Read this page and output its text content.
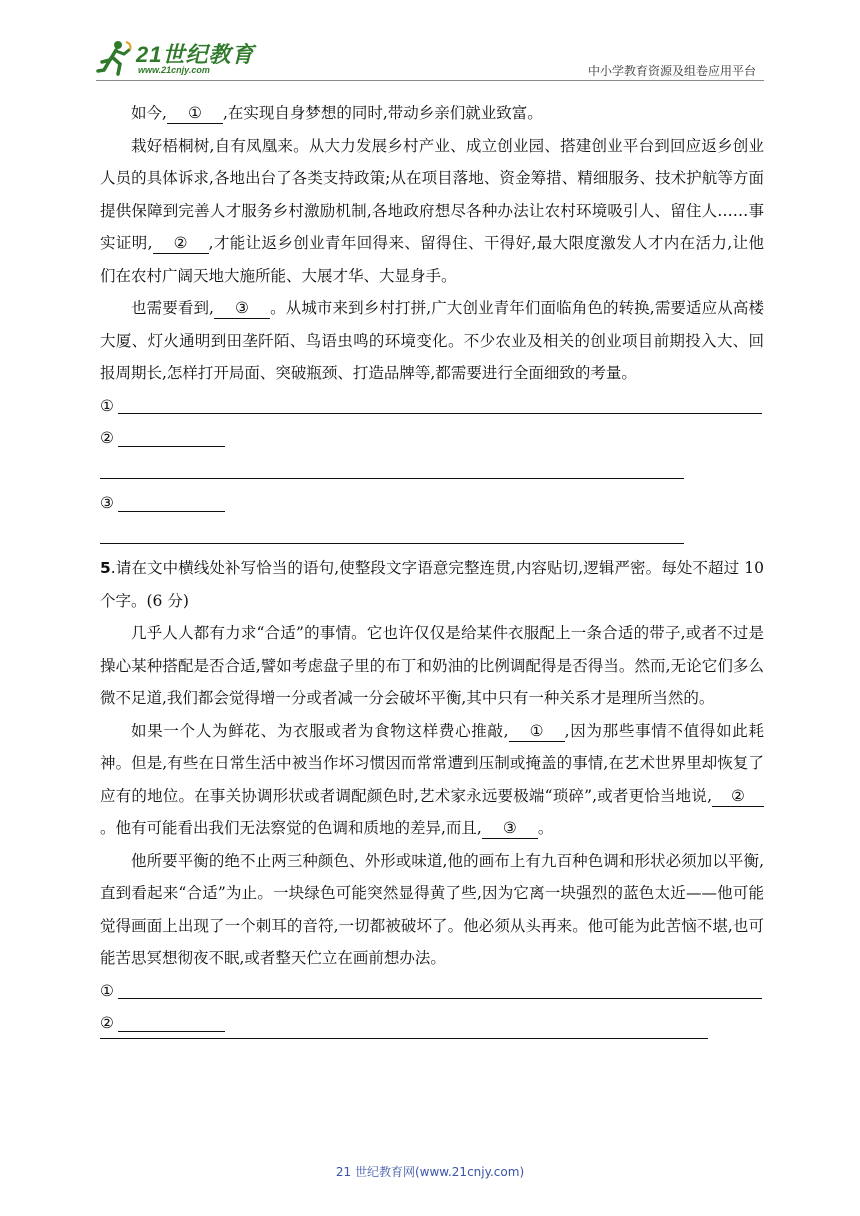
21世纪教育
www.21cnjy.com	中小学教育资源及组卷应用平台

如今, ① ,在实现自身梦想的同时,带动乡亲们就业致富。

栽好梧桐树,自有凤凰来。从大力发展乡村产业、成立创业园、搭建创业平台到回应返乡创业人员的具体诉求,各地出台了各类支持政策;从在项目落地、资金筹措、精细服务、技术护航等方面提供保障到完善人才服务乡村激励机制,各地政府想尽各种办法让农村环境吸引人、留住人……事实证明, ② ,才能让返乡创业青年回得来、留得住、干得好,最大限度激发人才内在活力,让他们在农村广阔天地大施所能、大展才华、大显身手。

也需要看到, ③ 。从城市来到乡村打拼,广大创业青年们面临角色的转换,需要适应从高楼大厦、灯火通明到田垄阡陌、鸟语虫鸣的环境变化。不少农业及相关的创业项目前期投入大、回报周期长,怎样打开局面、突破瓶颈、打造品牌等,都需要进行全面细致的考量。

①
②
③

5.请在文中横线处补写恰当的语句,使整段文字语意完整连贯,内容贴切,逻辑严密。每处不超过 10 个字。(6 分)

几乎人人都有力求“合适”的事情。它也许仅仅是给某件衣服配上一条合适的带子,或者不过是操心某种搭配是否合适,譬如考虑盘子里的布丁和奶油的比例调配得是否得当。然而,无论它们多么微不足道,我们都会觉得增一分或者减一分会破坏平衡,其中只有一种关系才是理所当然的。

如果一个人为鲜花、为衣服或者为食物这样费心推敲, ① ,因为那些事情不值得如此耗神。但是,有些在日常生活中被当作坏习惯因而常常遭到压制或掩盖的事情,在艺术世界里却恢复了应有的地位。在事关协调形状或者调配颜色时,艺术家永远要极端“琐碎”,或者更恰当地说, ②。他有可能看出我们无法察觉的色调和质地的差异,而且, ③ 。

他所要平衡的绝不止两三种颜色、外形或味道,他的画布上有九百种色调和形状必须加以平衡,直到看起来“合适”为止。一块绿色可能突然显得黄了些,因为它离一块强烈的蓝色太近——他可能觉得画面上出现了一个刺耳的音符,一切都被破坏了。他必须从头再来。他可能为此苦恼不堪,也可能苦思冥想彻夜不眠,或者整天伫立在画前想办法。

①
②
21 世纪教育网(www.21cnjy.com)
